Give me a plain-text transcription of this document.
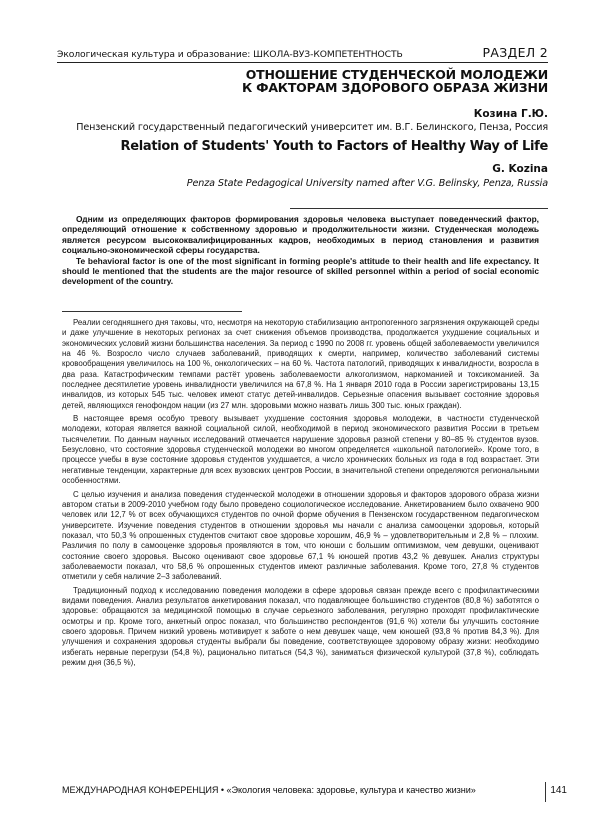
Экологическая культура и образование: ШКОЛА-ВУЗ-КОМПЕТЕНТНОСТЬ	РАЗДЕЛ 2
ОТНОШЕНИЕ СТУДЕНЧЕСКОЙ МОЛОДЕЖИ
К ФАКТОРАМ ЗДОРОВОГО ОБРАЗА ЖИЗНИ
Козина Г.Ю.
Пензенский государственный педагогический университет им. В.Г. Белинского, Пенза, Россия
Relation of Students' Youth to Factors of Healthy Way of Life
G. Kozina
Penza State Pedagogical University named after V.G. Belinsky, Penza, Russia

Одним из определяющих факторов формирования здоровья человека выступает поведенческий фактор, определяющий отношение к собственному здоровью и продолжительности жизни. Студенческая молодежь является ресурсом высококвалифицированных кадров, необходимых в период становления и развития социально-экономической сферы государства.

Te behavioral factor is one of the most significant in forming people's attitude to their health and life expectancy. It should le mentioned that the students are the major resource of skilled personnel within a period of social economic development of the country.

Реалии сегодняшнего дня таковы, что, несмотря на некоторую стабилизацию антропогенного загрязнения окружающей среды и даже улучшение в некоторых регионах за счет снижения объемов производства, продолжается ухудшение социальных и экономических условий жизни большинства населения. За период с 1990 по 2008 гг. уровень общей заболеваемости увеличился на 46 %. Возросло число случаев заболеваний, приводящих к смерти, например, количество заболеваний системы кровообращения увеличилось на 100 %, онкологических – на 60 %. Частота патологий, приводящих к инвалидности, возросла в два раза. Катастрофическим темпами растёт уровень заболеваемости алкоголизмом, наркоманией и токсикоманией. За последнее десятилетие уровень инвалидности увеличился на 67,8 %. На 1 января 2010 года в России зарегистрированы 13,15 инвалидов, из которых 545 тыс. человек имеют статус детей-инвалидов. Серьезные опасения вызывает состояние здоровья детей, являющихся генофондом нации (из 27 млн. здоровыми можно назвать лишь 300 тыс. юных граждан).

В настоящее время особую тревогу вызывает ухудшение состояния здоровья молодежи, в частности студенческой молодежи, которая является важной социальной силой, необходимой в период экономического развития России в третьем тысячелетии. По данным научных исследований отмечается нарушение здоровья разной степени у 80–85 % студентов вузов. Безусловно, что состояние здоровья студенческой молодежи во многом определяется «школьной патологией». Кроме того, в процессе учебы в вузе состояние здоровья студентов ухудшается, а число хронических больных из года в год возрастает. Эти негативные тенденции, характерные для всех вузовских центров России, в значительной степени определяются региональными особенностями.

С целью изучения и анализа поведения студенческой молодежи в отношении здоровья и факторов здорового образа жизни автором статьи в 2009-2010 учебном году было проведено социологическое исследование. Анкетированием было охвачено 900 человек или 12,7 % от всех обучающихся студентов по очной форме обучения в Пензенском государственном педагогическом университете. Изучение поведения студентов в отношении здоровья мы начали с анализа самооценки здоровья, который показал, что 50,3 % опрошенных студентов считают свое здоровье хорошим, 46,9 % – удовлетворительным и 2,8 % – плохим. Различия по полу в самооценке здоровья проявляются в том, что юноши с большим оптимизмом, чем девушки, оценивают состояние своего здоровья. Высоко оценивают свое здоровье 67,1 % юношей против 43,2 % девушек. Анализ структуры заболеваемости показал, что 58,6 % опрошенных студентов имеют различные заболевания. Кроме того, 27,8 % студентов отметили у себя наличие 2–3 заболеваний.

Традиционный подход к исследованию поведения молодежи в сфере здоровья связан прежде всего с профилактическими видами поведения. Анализ результатов анкетирования показал, что подавляющее большинство студентов (80,8 %) заботятся о здоровье: обращаются за медицинской помощью в случае серьезного заболевания, регулярно проходят профилактические осмотры и пр. Кроме того, анкетный опрос показал, что большинство респондентов (91,6 %) хотели бы улучшить состояние своего здоровья. Причем низкий уровень мотивирует к заботе о нем девушек чаще, чем юношей (93,8 % против 84,3 %). Для улучшения и сохранения здоровья студенты выбрали бы поведение, соответствующее здоровому образу жизни: необходимо избегать нервные перегрузи (54,8 %), рационально питаться (54,3 %), заниматься физической культурой (37,8 %), соблюдать режим дня (36,5 %),

МЕЖДУНАРОДНАЯ КОНФЕРЕНЦИЯ • «Экология человека: здоровье, культура и качество жизни»	141
